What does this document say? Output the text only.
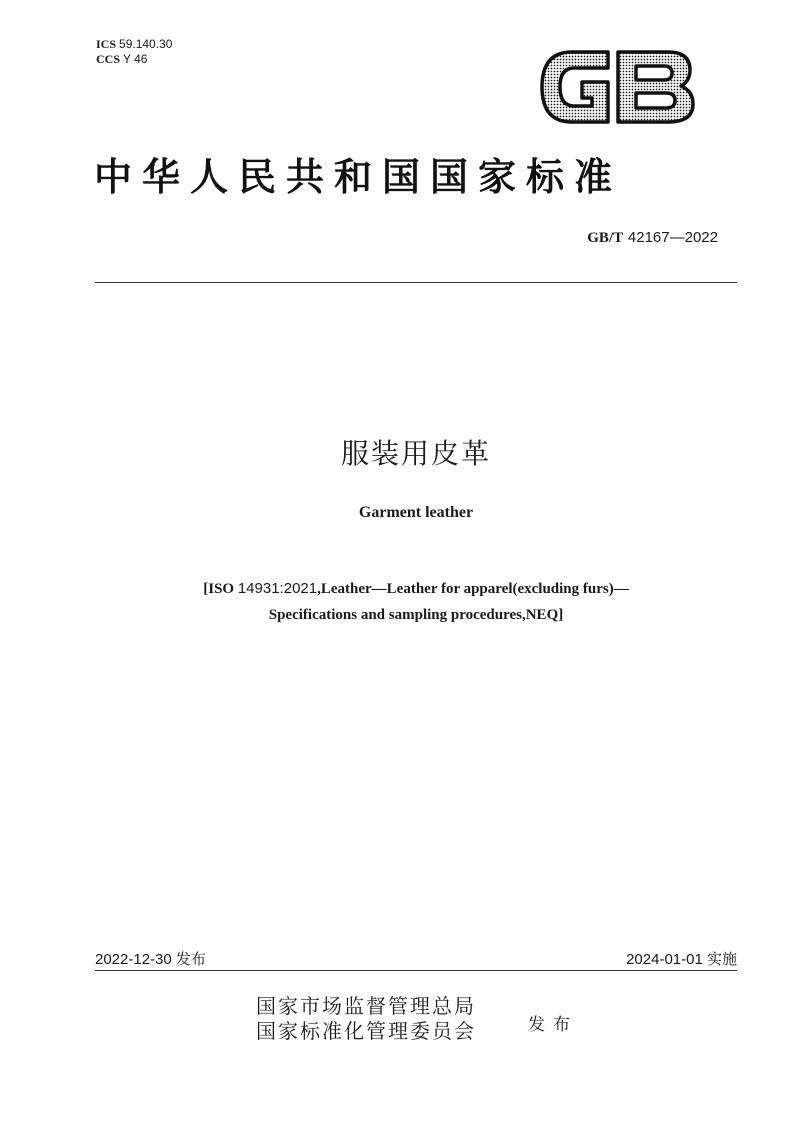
ICS 59.140.30
CCS Y 46
中华人民共和国国家标准
GB/T 42167—2022
服装用皮革
Garment leather
[ISO 14931:2021,Leather—Leather for apparel(excluding furs)—
Specifications and sampling procedures,NEQ]
2022-12-30 发布	2024-01-01 实施
国家市场监督管理总局
国家标准化管理委员会	发布
